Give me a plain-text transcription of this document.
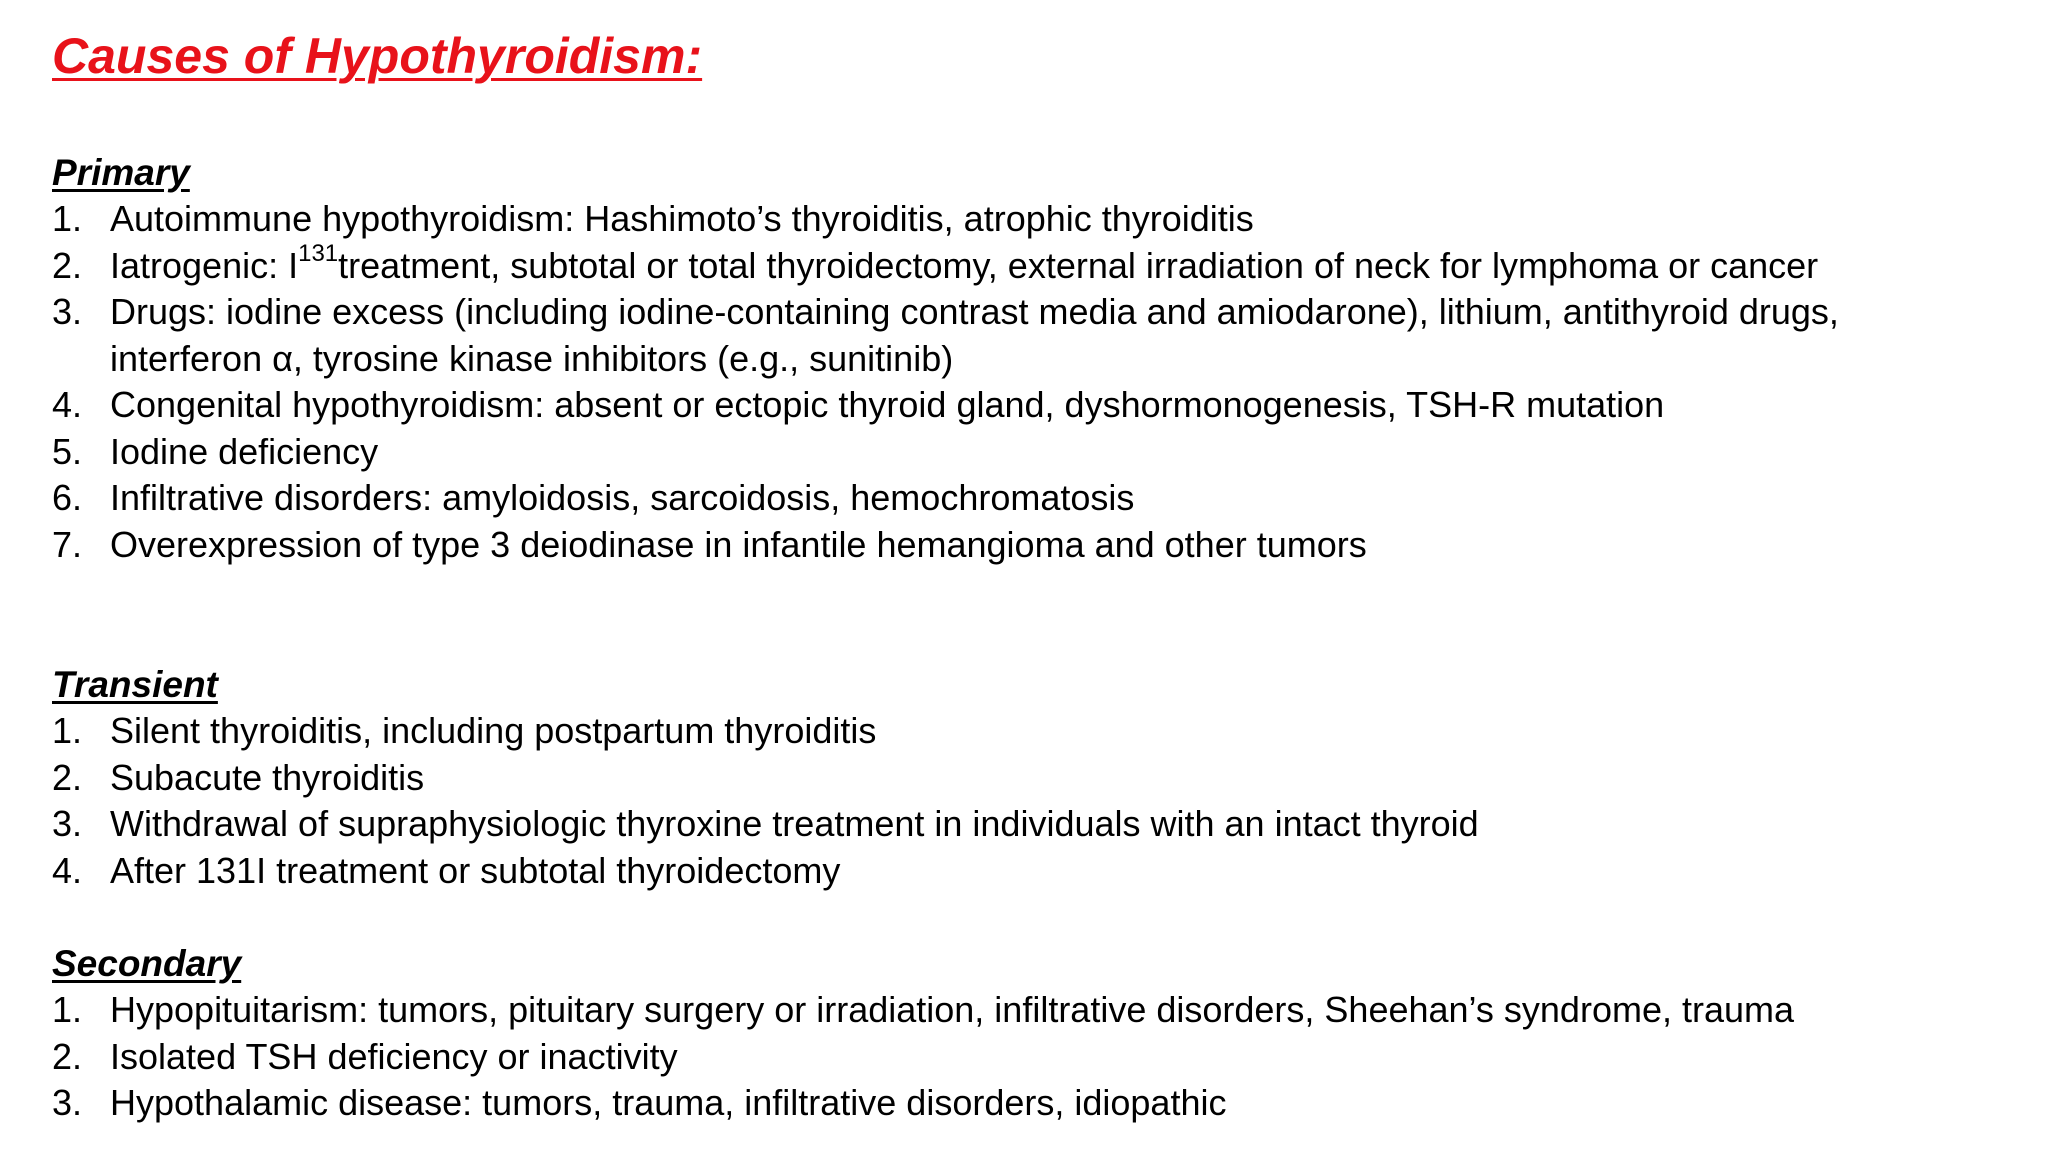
Causes of Hypothyroidism:
Primary
1. Autoimmune hypothyroidism: Hashimoto’s thyroiditis, atrophic thyroiditis
2. Iatrogenic: $I^{131}treatment$, subtotal or total thyroidectomy, external irradiation of neck for lymphoma or cancer
3. Drugs: iodine excess (including iodine-containing contrast media and amiodarone), lithium, antithyroid drugs, interferon α, tyrosine kinase inhibitors (e.g., sunitinib)
4. Congenital hypothyroidism: absent or ectopic thyroid gland, dyshormonogenesis, TSH-R mutation
5. Iodine deficiency
6. Infiltrative disorders: amyloidosis, sarcoidosis, hemochromatosis
7. Overexpression of type 3 deiodinase in infantile hemangioma and other tumors
Transient
1. Silent thyroiditis, including postpartum thyroiditis
2. Subacute thyroiditis
3. Withdrawal of supraphysiologic thyroxine treatment in individuals with an intact thyroid
4. After 131I treatment or subtotal thyroidectomy
Secondary
1. Hypopituitarism: tumors, pituitary surgery or irradiation, infiltrative disorders, Sheehan’s syndrome, trauma
2. Isolated TSH deficiency or inactivity
3. Hypothalamic disease: tumors, trauma, infiltrative disorders, idiopathic
